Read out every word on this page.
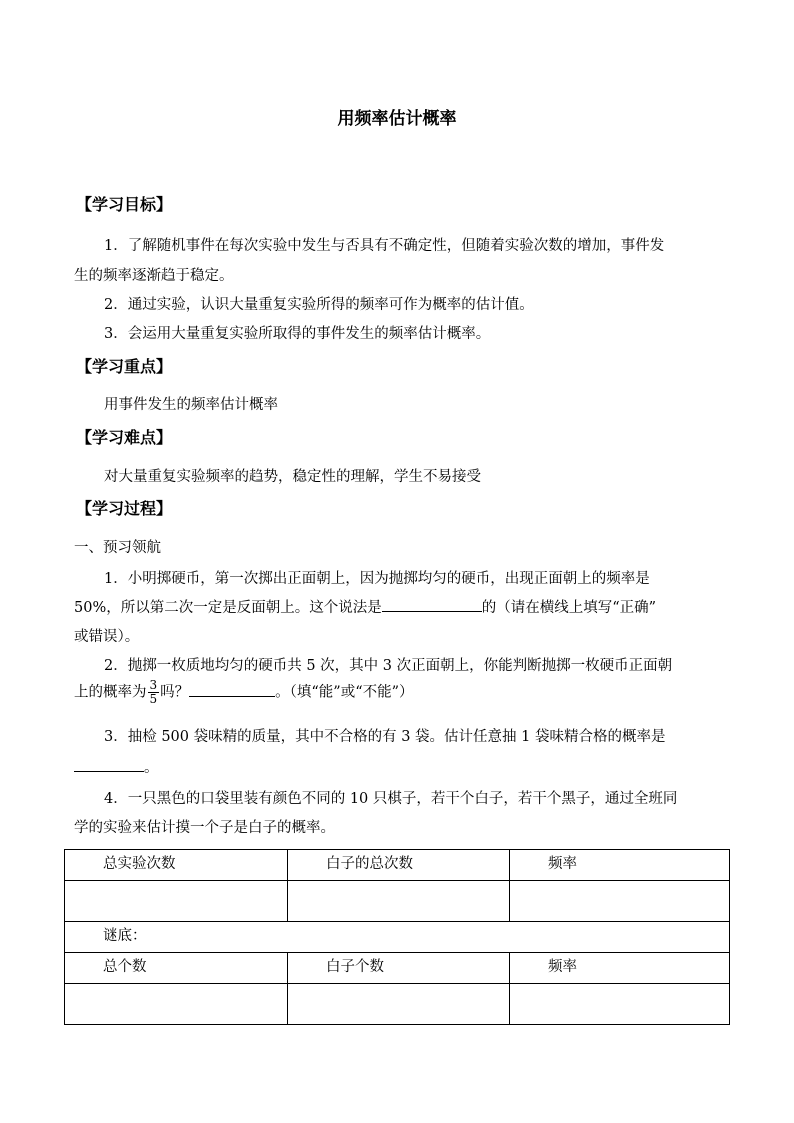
用频率估计概率
【学习目标】
1．了解随机事件在每次实验中发生与否具有不确定性，但随着实验次数的增加，事件发
生的频率逐渐趋于稳定。
2．通过实验，认识大量重复实验所得的频率可作为概率的估计值。
3．会运用大量重复实验所取得的事件发生的频率估计概率。
【学习重点】
用事件发生的频率估计概率
【学习难点】
对大量重复实验频率的趋势，稳定性的理解，学生不易接受
【学习过程】
一、预习领航
1．小明掷硬币，第一次掷出正面朝上，因为抛掷均匀的硬币，出现正面朝上的频率是
50%，所以第二次一定是反面朝上。这个说法是	的（请在横线上填写“正确”
或错误）。
2．抛掷一枚质地均匀的硬币共 5 次，其中 3 次正面朝上，你能判断抛掷一枚硬币正面朝
上的概率为 $\frac{3}{5}$ 吗？	。（填“能”或“不能”）
3．抽检 500 袋味精的质量，其中不合格的有 3 袋。估计任意抽 1 袋味精合格的概率是
。
4．一只黑色的口袋里装有颜色不同的 10 只棋子，若干个白子，若干个黑子，通过全班同
学的实验来估计摸一个子是白子的概率。
总实验次数	白子的总次数	频率

谜底：		
总个数	白子个数	频率
